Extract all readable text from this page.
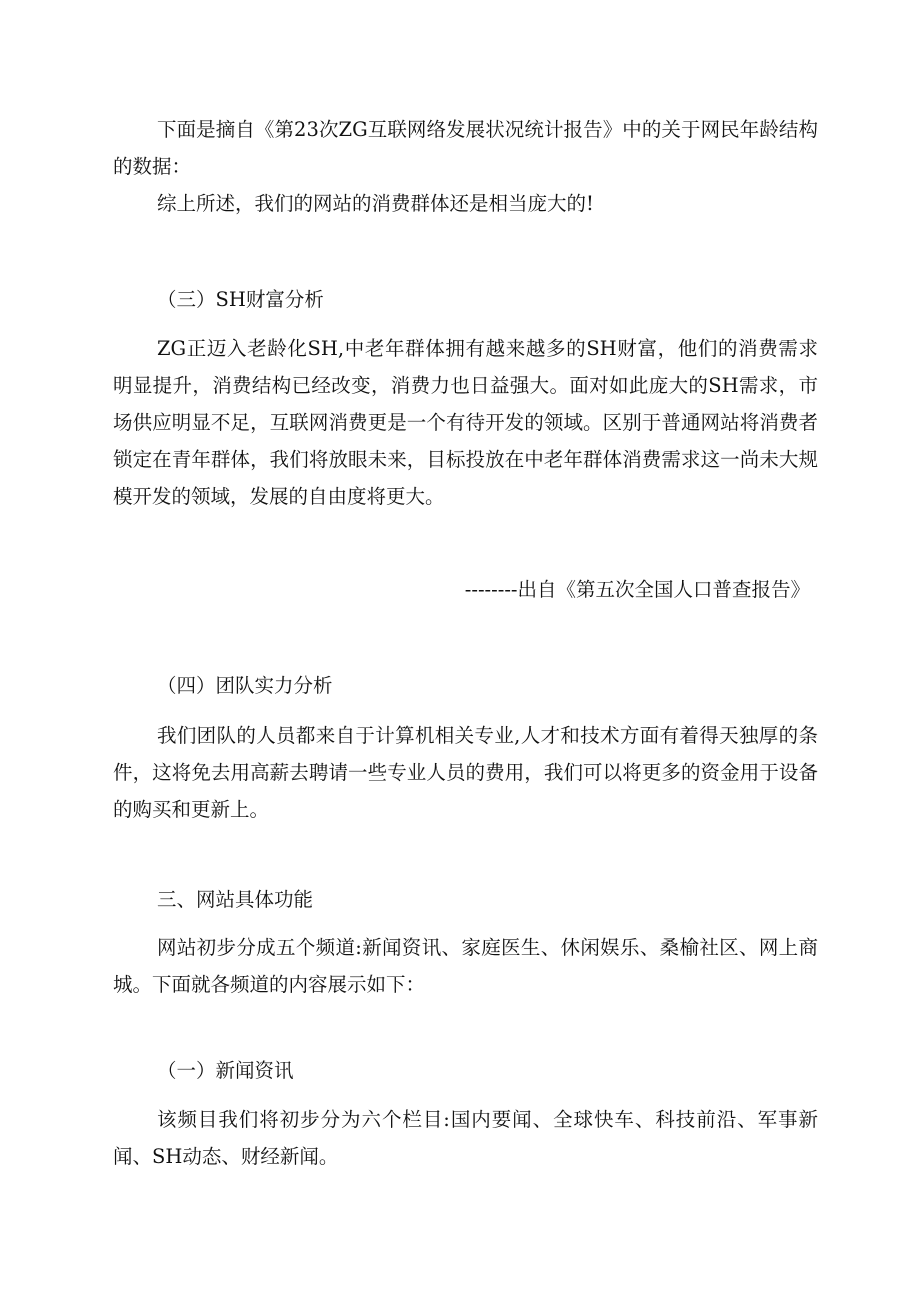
下面是摘自《第23次ZG互联网络发展状况统计报告》中的关于网民年龄结构的数据：

综上所述，我们的网站的消费群体还是相当庞大的!

（三）SH财富分析

ZG正迈入老龄化SH,中老年群体拥有越来越多的SH财富，他们的消费需求明显提升，消费结构已经改变，消费力也日益强大。面对如此庞大的SH需求，市场供应明显不足，互联网消费更是一个有待开发的领域。区别于普通网站将消费者锁定在青年群体，我们将放眼未来，目标投放在中老年群体消费需求这一尚未大规模开发的领域，发展的自由度将更大。

--------出自《第五次全国人口普查报告》

（四）团队实力分析

我们团队的人员都来自于计算机相关专业,人才和技术方面有着得天独厚的条件，这将免去用高薪去聘请一些专业人员的费用，我们可以将更多的资金用于设备的购买和更新上。

三、网站具体功能

网站初步分成五个频道:新闻资讯、家庭医生、休闲娱乐、桑榆社区、网上商城。下面就各频道的内容展示如下：

（一）新闻资讯

该频目我们将初步分为六个栏目:国内要闻、全球快车、科技前沿、军事新闻、SH动态、财经新闻。
